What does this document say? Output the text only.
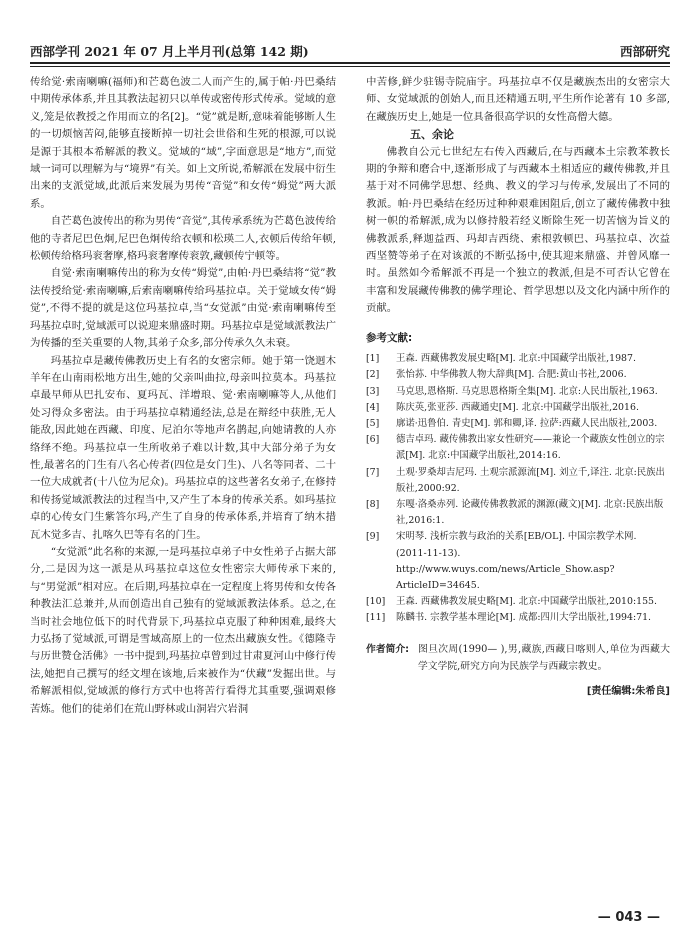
西部学刊 2021 年 07 月上半月刊(总第 142 期)	西部研究

传给觉·索南喇嘛(福师)和芒葛色波二人而产生的,属于帕·丹巴桑结中期传承体系,并且其教法起初只以单传或密传形式传承。觉域的意义,笼是依教授之作用而立的名[2]。“觉”就是断,意味着能够断人生的一切烦恼苦闷,能够直接断掉一切社会世俗和生死的根源,可以说是源于其根本希解派的教义。觉域的“域”,字面意思是“地方”,而觉域一词可以理解为与“境界”有关。如上文所说,希解派在发展中衍生出来的支派觉域,此派后来发展为男传“音觉”和女传“姆觉”两大派系。

自芒葛色波传出的称为男传“音觉”,其传承系统为芒葛色波传给他的寺者尼巴色炯,尼巴色炯传给衣顿和松瑛二人,衣顿后传给年顿,松顿传给格玛衮奢摩,格玛衮奢摩传衮敦,藏顿传宁顿等。

自觉·索南喇嘛传出的称为女传“姆觉”,由帕·丹巴桑结将“觉”教法传授给觉·索南喇嘛,后索南喇嘛传给玛基拉卓。关于觉域女传“姆觉”,不得不提的就是这位玛基拉卓,当“女觉派”由觉·索南喇嘛传至玛基拉卓时,觉域派可以说迎来鼎盛时期。玛基拉卓是觉域派教法广为传播的至关重要的人物,其弟子众多,部分传承久久未衰。

玛基拉卓是藏传佛教历史上有名的女密宗师。她于第一饶迥木羊年在山南雨松地方出生,她的父亲叫曲拉,母亲叫拉莫本。玛基拉卓最早师从巴扎安布、夏玛瓦、洋增琅、觉·索南喇嘛等人,从他们处习得众多密法。由于玛基拉卓精通经法,总是在辩经中获胜,无人能敌,因此她在西藏、印度、尼泊尔等地声名鹊起,向她请教的人亦络绎不绝。玛基拉卓一生所收弟子难以计数,其中大部分弟子为女性,最著名的门生有八名心传者(四位是女门生)、八名等同者、二十一位大成就者(十八位为尼众)。玛基拉卓的这些著名女弟子,在修持和传扬觉域派教法的过程当中,又产生了本身的传承关系。如玛基拉卓的心传女门生紫答尔玛,产生了自身的传承体系,并培育了纳木措瓦木觉多吉、扎喀久巴等有名的门生。

“女觉派”此名称的来源,一是玛基拉卓弟子中女性弟子占据大部分,二是因为这一派是从玛基拉卓这位女性密宗大师传承下来的,与“男觉派”相对应。在后期,玛基拉卓在一定程度上将男传和女传各种教法汇总兼并,从而创造出自己独有的觉域派教法体系。总之,在当时社会地位低下的时代背景下,玛基拉卓克服了种种困难,最终大力弘扬了觉域派,可谓是雪域高原上的一位杰出藏族女性。《德隆寺与历世赞仓活佛》一书中提到,玛基拉卓曾到过甘肃夏河山中修行传法,她把自己撰写的经文埋在该地,后来被作为“伏藏”发掘出世。与希解派相似,觉域派的修行方式中也将苦行看得尤其重要,强调艰修苦炼。他们的徒弟们在荒山野林或山洞岩穴岩洞

中苦修,鲜少驻锡寺院庙宇。玛基拉卓不仅是藏族杰出的女密宗大师、女觉域派的创始人,而且还精通五明,平生所作论著有 10 多部,在藏族历史上,她是一位具备很高学识的女性高僧大德。

五、余论

佛教自公元七世纪左右传入西藏后,在与西藏本土宗教苯教长期的争辩和磨合中,逐渐形成了与西藏本土相适应的藏传佛教,并且基于对不同佛学思想、经典、教义的学习与传承,发展出了不同的教派。帕·丹巴桑结在经历过种种艰难困阻后,创立了藏传佛教中独树一帜的希解派,成为以修持般若经义断除生死一切苦恼为旨义的佛教派系,释迦益西、玛却吉西绕、索根敦顿巴、玛基拉卓、次益西坚赞等弟子在对该派的不断弘扬中,使其迎来鼎盛、并曾风靡一时。虽然如今希解派不再是一个独立的教派,但是不可否认它曾在丰富和发展藏传佛教的佛学理论、哲学思想以及文化内涵中所作的贡献。

参考文献:
[1]	王森. 西藏佛教发展史略[M]. 北京:中国藏学出版社,1987.
[2]	张怡荪. 中华佛教人物大辞典[M]. 合肥:黄山书社,2006.
[3]	马克思,恩格斯. 马克思恩格斯全集[M]. 北京:人民出版社,1963.
[4]	陈庆英,张亚莎. 西藏通史[M]. 北京:中国藏学出版社,2016.
[5]	廓诺·迅鲁伯. 青史[M]. 郭和卿,译. 拉萨:西藏人民出版社,2003.
[6]	德吉卓玛. 藏传佛教出家女性研究——兼论一个藏族女性创立的宗派[M]. 北京:中国藏学出版社,2014:16.
[7]	土观·罗桑却吉尼玛. 土观宗派源流[M]. 刘立千,译注. 北京:民族出版社,2000:92.
[8]	东嘎·洛桑赤列. 论藏传佛教教派的渊源(藏文)[M]. 北京:民族出版社,2016:1.
[9]	宋明琴. 浅析宗教与政治的关系[EB/OL]. 中国宗教学术网. (2011-11-13). http://www.wuys.com/news/Article_Show.asp?ArticleID=34645.
[10]	王森. 西藏佛教发展史略[M]. 北京:中国藏学出版社,2010:155.
[11]	陈麟书. 宗教学基本理论[M]. 成都:四川大学出版社,1994:71.
作者简介: 图旦次周(1990— ),男,藏族,西藏日喀则人,单位为西藏大学文学院,研究方向为民族学与西藏宗教史。
[责任编辑:朱希良]
— 043 —
